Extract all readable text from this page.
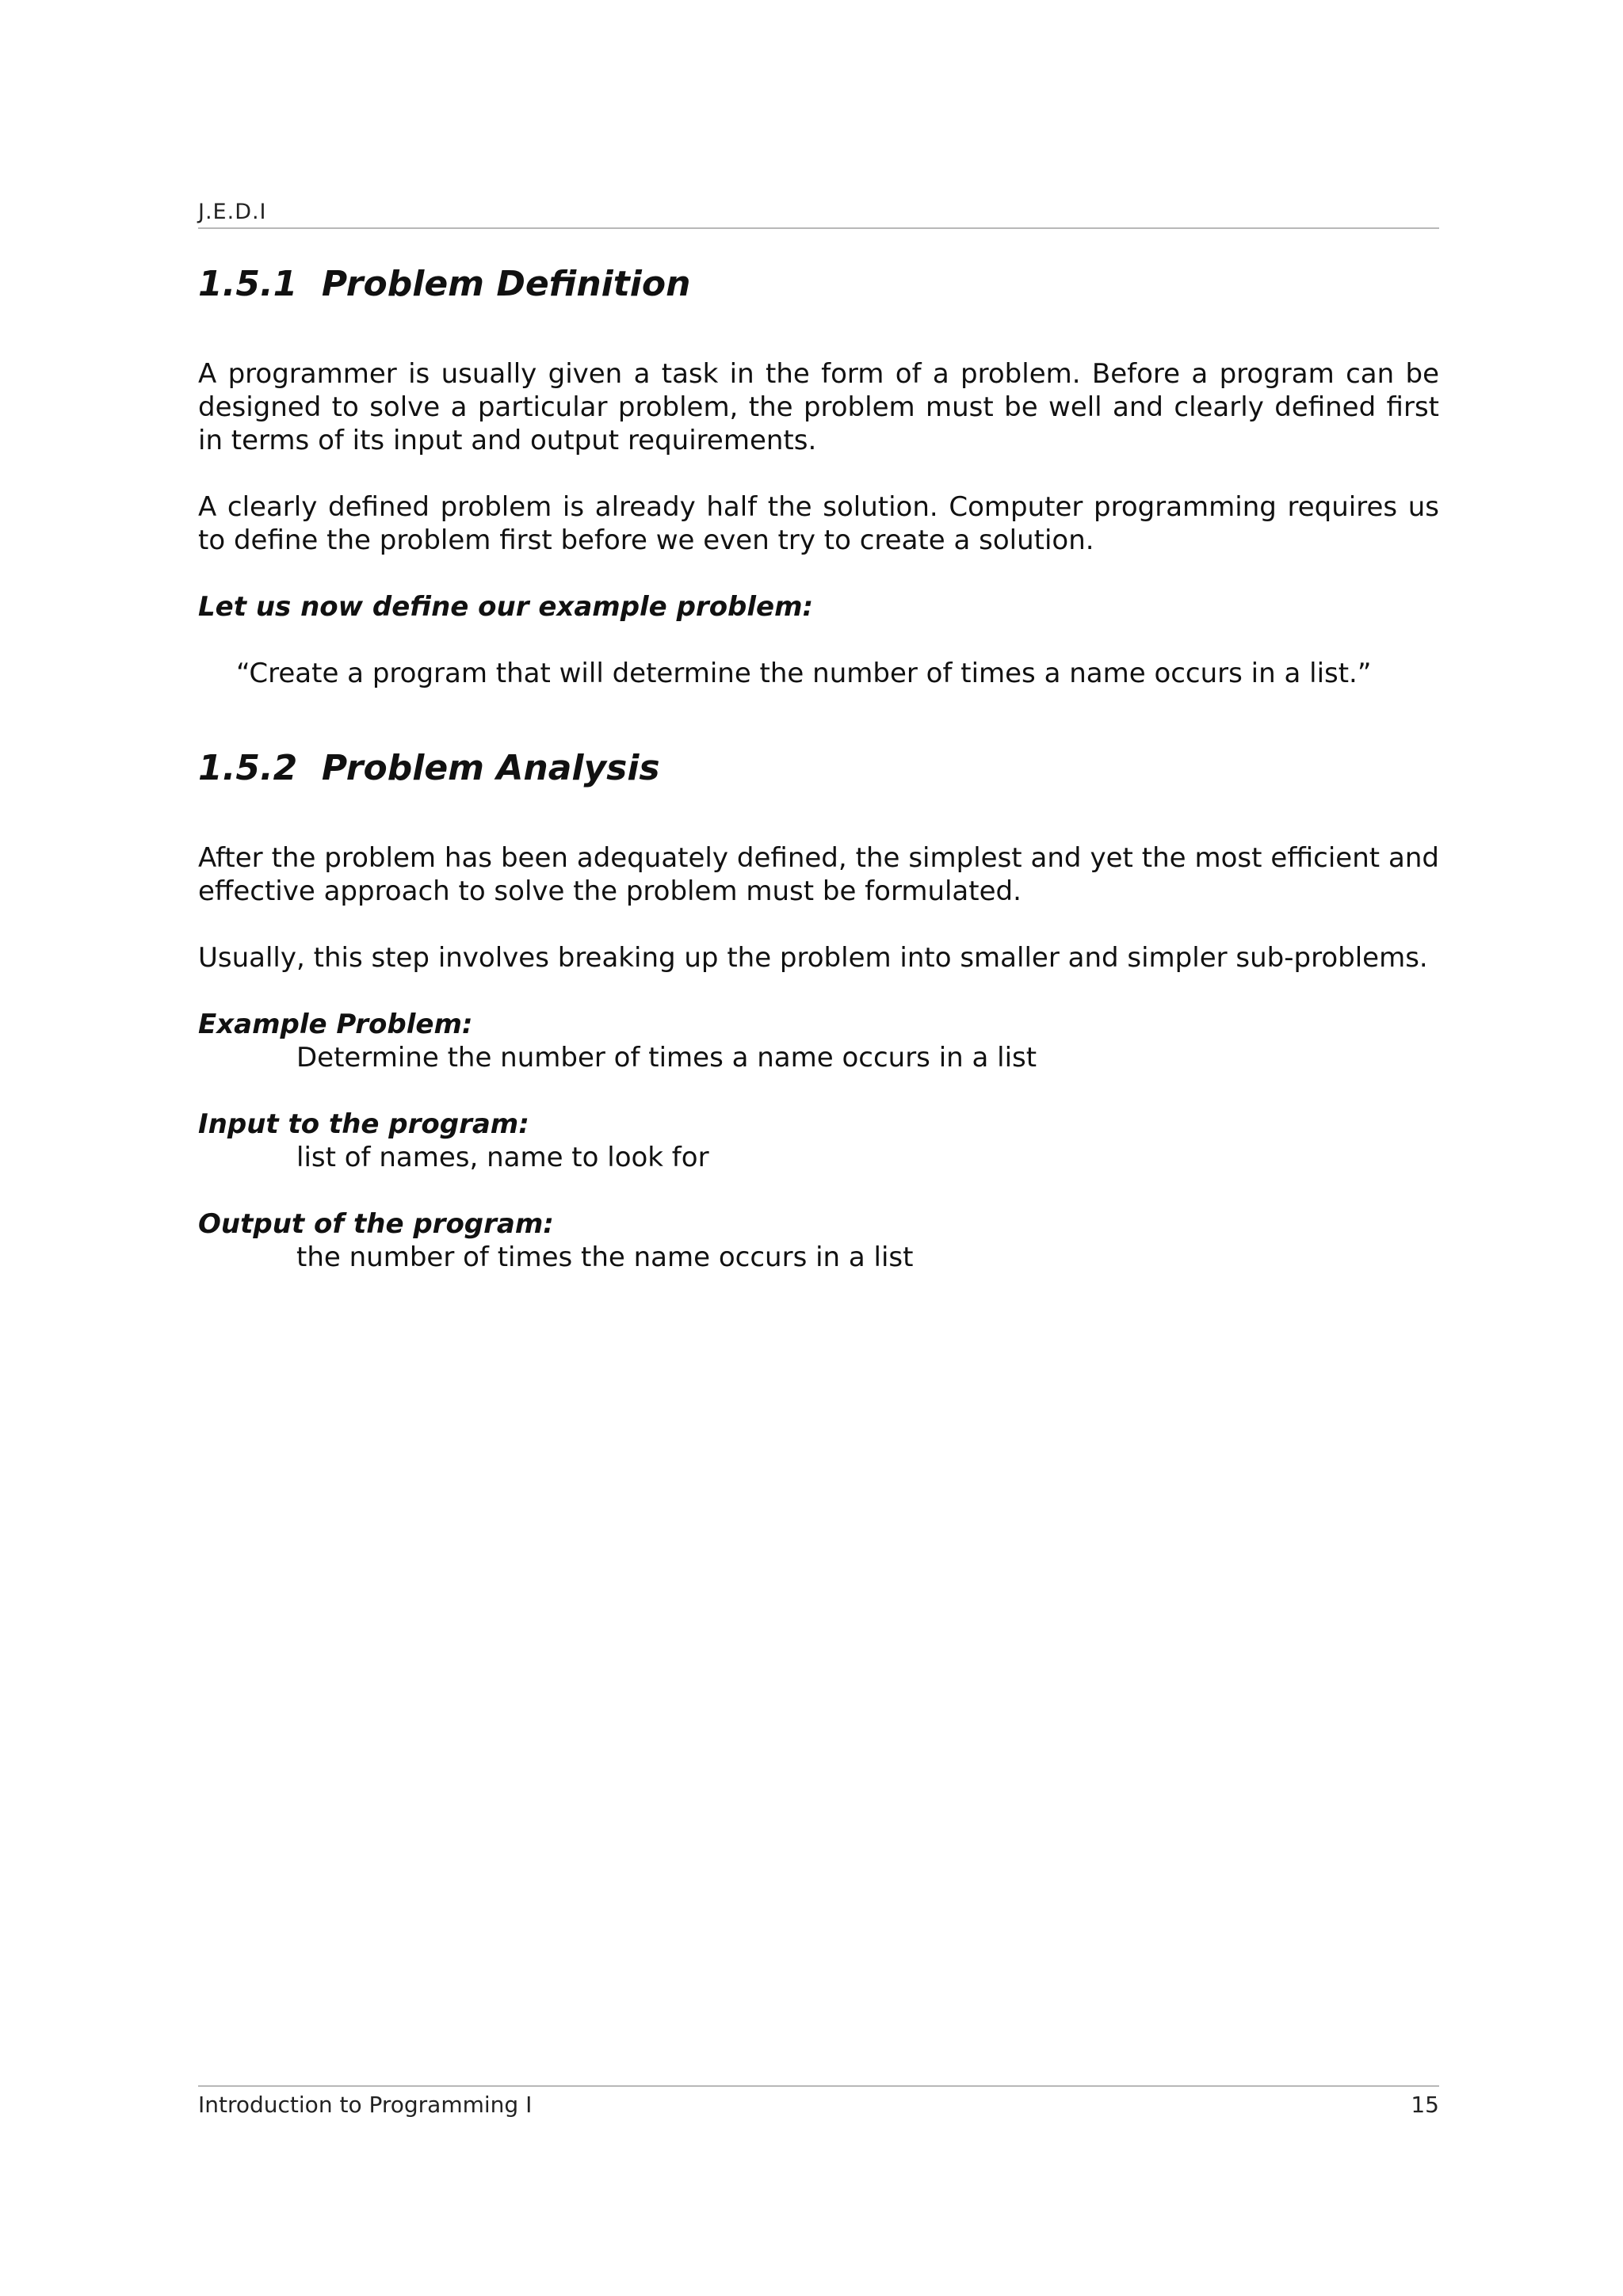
J.E.D.I
1.5.1  Problem Definition

A programmer is usually given a task in the form of a problem. Before a program can be designed to solve a particular problem, the problem must be well and clearly defined first in terms of its input and output requirements.

A clearly defined problem is already half the solution. Computer programming requires us to define the problem first before we even try to create a solution.

Let us now define our example problem:

“Create a program that will determine the number of times a name occurs in a list.”

1.5.2  Problem Analysis

After the problem has been adequately defined, the simplest and yet the most efficient and effective approach to solve the problem must be formulated.

Usually, this step involves breaking up the problem into smaller and simpler sub-problems.

Example Problem:

Determine the number of times a name occurs in a list

Input to the program:

list of names, name to look for

Output of the program:

the number of times the name occurs in a list

Introduction to Programming I	15
